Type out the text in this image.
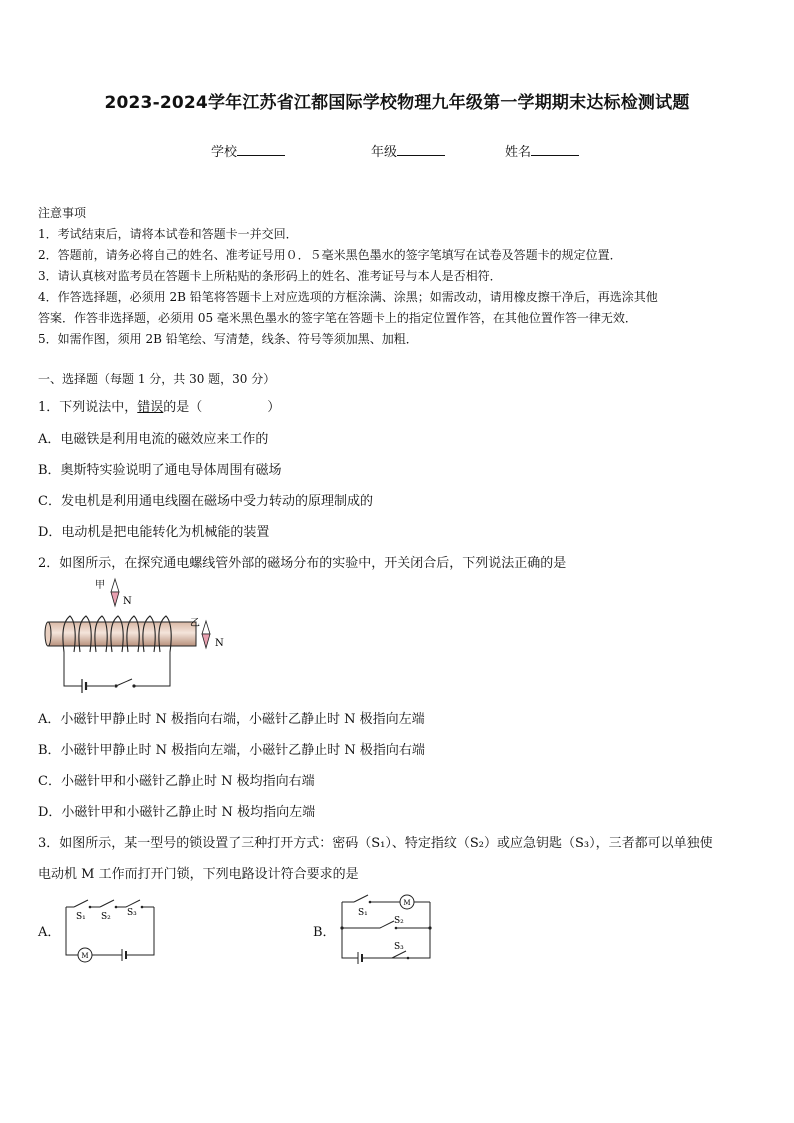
2023-2024学年江苏省江都国际学校物理九年级第一学期期末达标检测试题
学校	年级	姓名
注意事项
1．考试结束后，请将本试卷和答题卡一并交回．
2．答题前，请务必将自己的姓名、准考证号用０．５毫米黑色墨水的签字笔填写在试卷及答题卡的规定位置．
3．请认真核对监考员在答题卡上所粘贴的条形码上的姓名、准考证号与本人是否相符．
4．作答选择题，必须用 2B 铅笔将答题卡上对应选项的方框涂满、涂黑；如需改动，请用橡皮擦干净后，再选涂其他
答案．作答非选择题，必须用 05 毫米黑色墨水的签字笔在答题卡上的指定位置作答，在其他位置作答一律无效．
5．如需作图，须用 2B 铅笔绘、写清楚，线条、符号等须加黑、加粗．
一、选择题（每题 1 分，共 30 题，30 分）
1．下列说法中，错误的是（　　　　　）
A．电磁铁是利用电流的磁效应来工作的
B．奥斯特实验说明了通电导体周围有磁场
C．发电机是利用通电线圈在磁场中受力转动的原理制成的
D．电动机是把电能转化为机械能的装置
2．如图所示，在探究通电螺线管外部的磁场分布的实验中，开关闭合后，下列说法正确的是
甲
N
乙
N
A．小磁针甲静止时 N 极指向右端，小磁针乙静止时 N 极指向左端
B．小磁针甲静止时 N 极指向左端，小磁针乙静止时 N 极指向右端
C．小磁针甲和小磁针乙静止时 N 极均指向右端
D．小磁针甲和小磁针乙静止时 N 极均指向左端
3．如图所示，某一型号的锁设置了三种打开方式：密码（S₁）、特定指纹（S₂）或应急钥匙（S₃），三者都可以单独使
电动机 M 工作而打开门锁，下列电路设计符合要求的是
A．
M
S₁ S₂ S₃
B．
M
S₁
S₂
S₃
